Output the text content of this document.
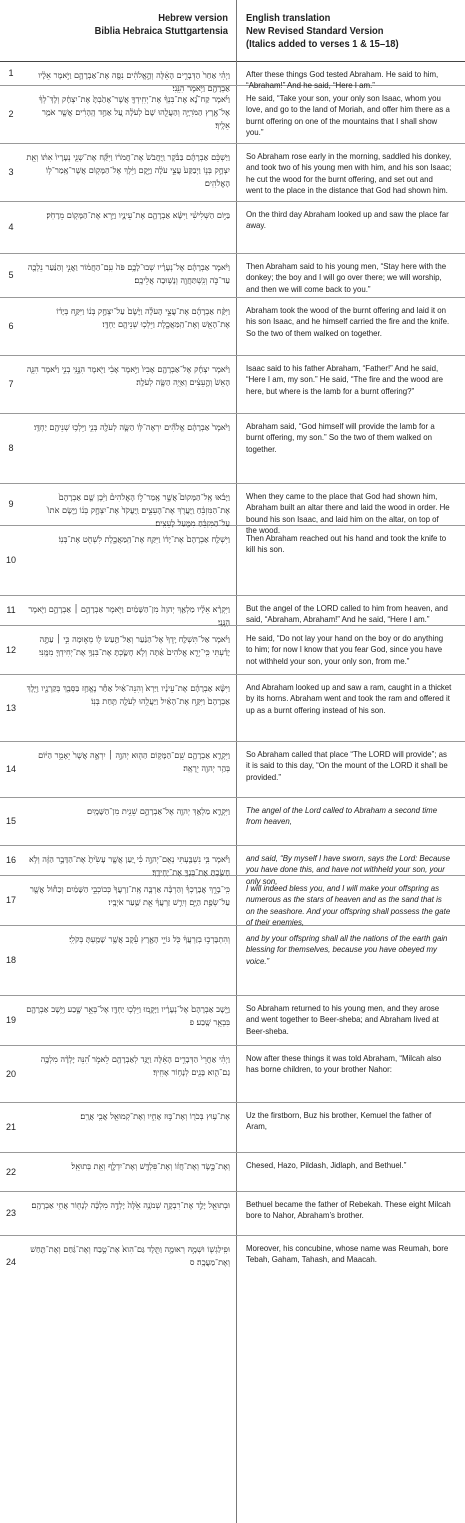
Hebrew version
Biblia Hebraica Stuttgartensia
English translation
New Revised Standard Version
(Italics added to verses 1 & 15–18)
1	וַיְהִ֗י אַחַר֙ הַדְּבָרִ֣ים הָאֵ֔לֶּה וְהָ֣אֱלֹהִ֔ים נִסָּ֖ה אֶת־אַבְרָהָ֑ם וַיֹּ֣אמֶר אֵלָ֔יו אַבְרָהָ֖ם וַיֹּ֥אמֶר הִנֵּֽנִי׃
After these things God tested Abraham. He said to him, “Abraham!” And he said, “Here I am.”
2
וַיֹּ֡אמֶר קַח־נָ֠א אֶת־בִּנְךָ֨ אֶת־יְחִֽידְךָ֤ אֲשֶׁר־אָהַ֙בְתָּ֙ אֶת־יִצְחָ֔ק וְלֶךְ־לְךָ֔ אֶל־אֶ֖רֶץ הַמֹּרִיָּ֑ה וְהַעֲלֵ֤הוּ שָׁם֙ לְעֹלָ֔ה עַ֚ל אַחַ֣ד הֶֽהָרִ֔ים אֲשֶׁ֖ר אֹמַ֥ר אֵלֶֽיךָ׃
He said, “Take your son, your only son Isaac, whom you love, and go to the land of Moriah, and offer him there as a burnt offering on one of the mountains that I shall show you.”
3
וַיַּשְׁכֵּ֨ם אַבְרָהָ֜ם בַּבֹּ֗קֶר וַֽיַּחֲבֹשׁ֙ אֶת־חֲמֹר֔וֹ וַיִּקַּ֞ח אֶת־שְׁנֵ֤י נְעָרָיו֙ אִתּ֔וֹ וְאֵ֖ת יִצְחָ֣ק בְּנ֑וֹ וַיְבַקַּע֙ עֲצֵ֣י עֹלָ֔ה וַיָּ֣קָם וַיֵּ֔לֶךְ אֶל־הַמָּק֖וֹם אֲשֶׁר־אָֽמַר־ל֥וֹ הָאֱלֹהִֽים׃
So Abraham rose early in the morning, saddled his donkey, and took two of his young men with him, and his son Isaac; he cut the wood for the burnt offering, and set out and went to the place in the distance that God had shown him.
4
בַּיּ֣וֹם הַשְּׁלִישִׁ֗י וַיִּשָּׂ֨א אַבְרָהָ֧ם אֶת־עֵינָ֛יו וַיַּ֥רְא אֶת־הַמָּק֖וֹם מֵרָחֹֽק׃ On the third day Abraham looked up and saw the place far away.
5
וַיֹּ֨אמֶר אַבְרָהָ֜ם אֶל־נְעָרָ֗יו שְׁבוּ־לָכֶ֥ם פֹּה֙ עִֽם־הַחֲמ֔וֹר וַאֲנִ֣י וְהַנַּ֔עַר נֵלְכָ֖ה עַד־כֹּ֑ה וְנִֽשְׁתַּחֲוֶ֖ה וְנָשׁ֥וּבָה אֲלֵיכֶֽם׃
Then Abraham said to his young men, “Stay here with the donkey; the boy and I will go over there; we will worship, and then we will come back to you.”
6
וַיִּקַּ֨ח אַבְרָהָ֜ם אֶת־עֲצֵ֣י הָעֹלָ֗ה וַיָּ֙שֶׂם֙ עַל־יִצְחָ֣ק בְּנ֔וֹ וַיִּקַּ֣ח בְּיָד֔וֹ אֶת־הָאֵ֖שׁ וְאֶת־הַֽמַּאֲכֶ֑לֶת וַיֵּלְכ֥וּ שְׁנֵיהֶ֖ם יַחְדָּֽו׃
Abraham took the wood of the burnt offering and laid it on his son Isaac, and he himself carried the fire and the knife. So the two of them walked on together.
7
וַיֹּ֨אמֶר יִצְחָ֜ק אֶל־אַבְרָהָ֤ם אָבִיו֙ וַיֹּ֣אמֶר אָבִ֔י וַיֹּ֖אמֶר הִנֶּ֣נִּֽי בְנִ֑י וַיֹּ֗אמֶר הִנֵּ֤ה הָאֵשׁ֙ וְהָ֣עֵצִ֔ים וְאַיֵּ֥ה הַשֶּׂ֖ה לְעֹלָֽה׃
Isaac said to his father Abraham, “Father!” And he said, “Here I am, my son.” He said, “The fire and the wood are here, but where is the lamb for a burnt offering?”
8
וַיֹּ֙אמֶר֙ אַבְרָהָ֔ם אֱלֹהִ֞ים יִרְאֶה־לּ֥וֹ הַשֶּׂ֛ה לְעֹלָ֖ה בְּנִ֑י וַיֵּלְכ֥וּ שְׁנֵיהֶ֖ם יַחְדָּֽו׃ Abraham said, “God himself will provide the lamb for a burnt offering, my son.” So the two of them walked on together.
9
וַיָּבֹ֗אוּ אֶֽל־הַמָּקוֹם֮ אֲשֶׁ֣ר אָֽמַר־ל֣וֹ הָאֱלֹהִים֒ וַיִּ֨בֶן שָׁ֤ם אַבְרָהָם֙ אֶת־הַמִּזְבֵּ֔חַ וַֽיַּעֲרֹ֖ךְ אֶת־הָעֵצִ֑ים וַֽיַּעֲקֹד֙ אֶת־יִצְחָ֣ק בְּנ֔וֹ וַיָּ֤שֶׂם אֹתוֹ֙ עַל־הַמִּזְבֵּ֔חַ מִמַּ֖עַל לָעֵצִֽים׃
When they came to the place that God had shown him, Abraham built an altar there and laid the wood in order. He bound his son Isaac, and laid him on the altar, on top of the wood.
10
וַיִּשְׁלַ֤ח אַבְרָהָם֙ אֶת־יָד֔וֹ וַיִּקַּ֖ח אֶת־הַֽמַּאֲכֶ֑לֶת לִשְׁחֹ֖ט אֶת־בְּנֽוֹ׃ Then Abraham reached out his hand and took the knife to kill his son.
11	וַיִּקְרָ֨א אֵלָ֜יו מַלְאַ֤ךְ יְהוָה֙ מִן־הַשָּׁמַ֔יִם וַיֹּ֖אמֶר אַבְרָהָ֣ם ׀ אַבְרָהָ֑ם וַיֹּ֖אמֶר הִנֵּֽנִי׃
But the angel of the LORD called to him from heaven, and said, “Abraham, Abraham!” And he said, “Here I am.”
12
וַיֹּ֗אמֶר אַל־תִּשְׁלַ֤ח יָֽדְךָ֙ אֶל־הַנַּ֔עַר וְאַל־תַּ֥עַשׂ ל֖וֹ מְא֑וּמָה כִּ֣י ׀ עַתָּ֣ה יָדַ֗עְתִּי כִּֽי־יְרֵ֤א אֱלֹהִים֙ אַ֔תָּה וְלֹ֥א חָשַׂ֛כְתָּ אֶת־בִּנְךָ֥ אֶת־יְחִידְךָ֖ מִמֶּֽנִּי׃
He said, “Do not lay your hand on the boy or do anything to him; for now I know that you fear God, since you have not withheld your son, your only son, from me.”
13
וַיִּשָּׂ֨א אַבְרָהָ֜ם אֶת־עֵינָ֗יו וַיַּרְא֙ וְהִנֵּה־אַ֔יִל אַחַ֕ר נֶאֱחַ֥ז בַּסְּבַ֖ךְ בְּקַרְנָ֑יו וַיֵּ֤לֶךְ אַבְרָהָם֙ וַיִּקַּ֣ח אֶת־הָאַ֔יִל וַיַּעֲלֵ֥הוּ לְעֹלָ֖ה תַּ֥חַת בְּנֽוֹ׃
And Abraham looked up and saw a ram, caught in a thicket by its horns. Abraham went and took the ram and offered it up as a burnt offering instead of his son.
14
וַיִּקְרָ֧א אַבְרָהָ֛ם שֵֽׁם־הַמָּק֥וֹם הַה֖וּא יְהוָ֣ה ׀ יִרְאֶ֑ה אֲשֶׁר֙ יֵאָמֵ֣ר הַיּ֔וֹם בְּהַ֥ר יְהוָ֖ה יֵרָאֶֽה׃
So Abraham called that place “The LORD will provide”; as it is said to this day, “On the mount of the LORD it shall be provided.”
15
וַיִּקְרָ֛א מַלְאַ֥ךְ יְהוָ֖ה אֶל־אַבְרָהָ֑ם שֵׁנִ֖ית מִן־הַשָּׁמָֽיִם׃ The angel of the Lord called to Abraham a second time from heaven,
16	וַיֹּ֕אמֶר בִּ֥י נִשְׁבַּ֖עְתִּי נְאֻם־יְהוָ֑ה כִּ֗י יַ֚עַן אֲשֶׁ֤ר עָשִׂ֙יתָ֙ אֶת־הַדָּבָ֣ר הַזֶּ֔ה וְלֹ֥א חָשַׂ֖כְתָּ אֶת־בִּנְךָ֥ אֶת־יְחִידֶֽךָ׃
and said, “By myself I have sworn, says the Lord: Because you have done this, and have not withheld your son, your only son,
17
כִּֽי־בָרֵ֣ךְ אֲבָרֶכְךָ֗ וְהַרְבָּ֨ה אַרְבֶּ֤ה אֶֽת־זַרְעֲךָ֙ כְּכוֹכְבֵ֣י הַשָּׁמַ֔יִם וְכַח֕וֹל אֲשֶׁ֖ר עַל־שְׂפַ֣ת הַיָּ֑ם וְיִרַ֣שׁ זַרְעֲךָ֔ אֵ֖ת שַׁ֥עַר אֹיְבָֽיו׃
I will indeed bless you, and I will make your offspring as numerous as the stars of heaven and as the sand that is on the seashore. And your offspring shall possess the gate of their enemies,
18
וְהִתְבָּרְכ֣וּ בְזַרְעֲךָ֔ כֹּ֖ל גּוֹיֵ֣י הָאָ֑רֶץ עֵ֕קֶב אֲשֶׁ֥ר שָׁמַ֖עְתָּ בְּקֹלִֽי׃ and by your offspring shall all the nations of the earth gain blessing for themselves, because you have obeyed my voice.”
19
וַיָּ֤שָׁב אַבְרָהָם֙ אֶל־נְעָרָ֔יו וַיָּקֻ֛מוּ וַיֵּלְכ֥וּ יַחְדָּ֖ו אֶל־בְּאֵ֣ר שָׁ֑בַע וַיֵּ֥שֶׁב אַבְרָהָ֖ם בִּבְאֵ֥ר שָֽׁבַע׃ פ
So Abraham returned to his young men, and they arose and went together to Beer-sheba; and Abraham lived at Beer-sheba.
20
וַיְהִ֗י אַחֲרֵי֙ הַדְּבָרִ֣ים הָאֵ֔לֶּה וַיֻּגַּ֥ד לְאַבְרָהָ֖ם לֵאמֹ֑ר הִ֠נֵּה יָלְדָ֨ה מִלְכָּ֥ה גַם־הִ֛וא בָּנִ֖ים לְנָח֥וֹר אָחִֽיךָ׃
Now after these things it was told Abraham, “Milcah also has borne children, to your brother Nahor:
21
אֶת־ע֥וּץ בְּכֹר֖וֹ וְאֶת־בּ֣וּז אָחִ֑יו וְאֶת־קְמוּאֵ֖ל אֲבִ֥י אֲרָֽם׃ Uz the firstborn, Buz his brother, Kemuel the father of Aram,
22
וְאֶת־כֶּ֣שֶׂד וְאֶת־חֲז֔וֹ וְאֶת־פִּלְדָּ֖שׁ וְאֶת־יִדְלָ֑ף וְאֵ֖ת בְּתוּאֵֽל׃ Chesed, Hazo, Pildash, Jidlaph, and Bethuel.”
23
וּבְתוּאֵ֖ל יָלַ֣ד אֶת־רִבְקָ֑ה שְׁמֹנָ֥ה אֵ֙לֶּה֙ יָלְדָ֣ה מִלְכָּ֔ה לְנָח֖וֹר אֲחִ֥י אַבְרָהָֽם׃ Bethuel became the father of Rebekah. These eight Milcah bore to Nahor, Abraham’s brother.
24
וּפִֽילַגְשׁ֖וֹ וּשְׁמָ֣הּ רְאוּמָ֑ה וַתֵּ֤לֶד גַּם־הִוא֙ אֶת־טֶ֣בַח וְאֶת־גַּ֔חַם וְאֶת־תַּ֖חַשׁ וְאֶת־מַעֲכָֽה׃ ס
Moreover, his concubine, whose name was Reumah, bore Tebah, Gaham, Tahash, and Maacah.
